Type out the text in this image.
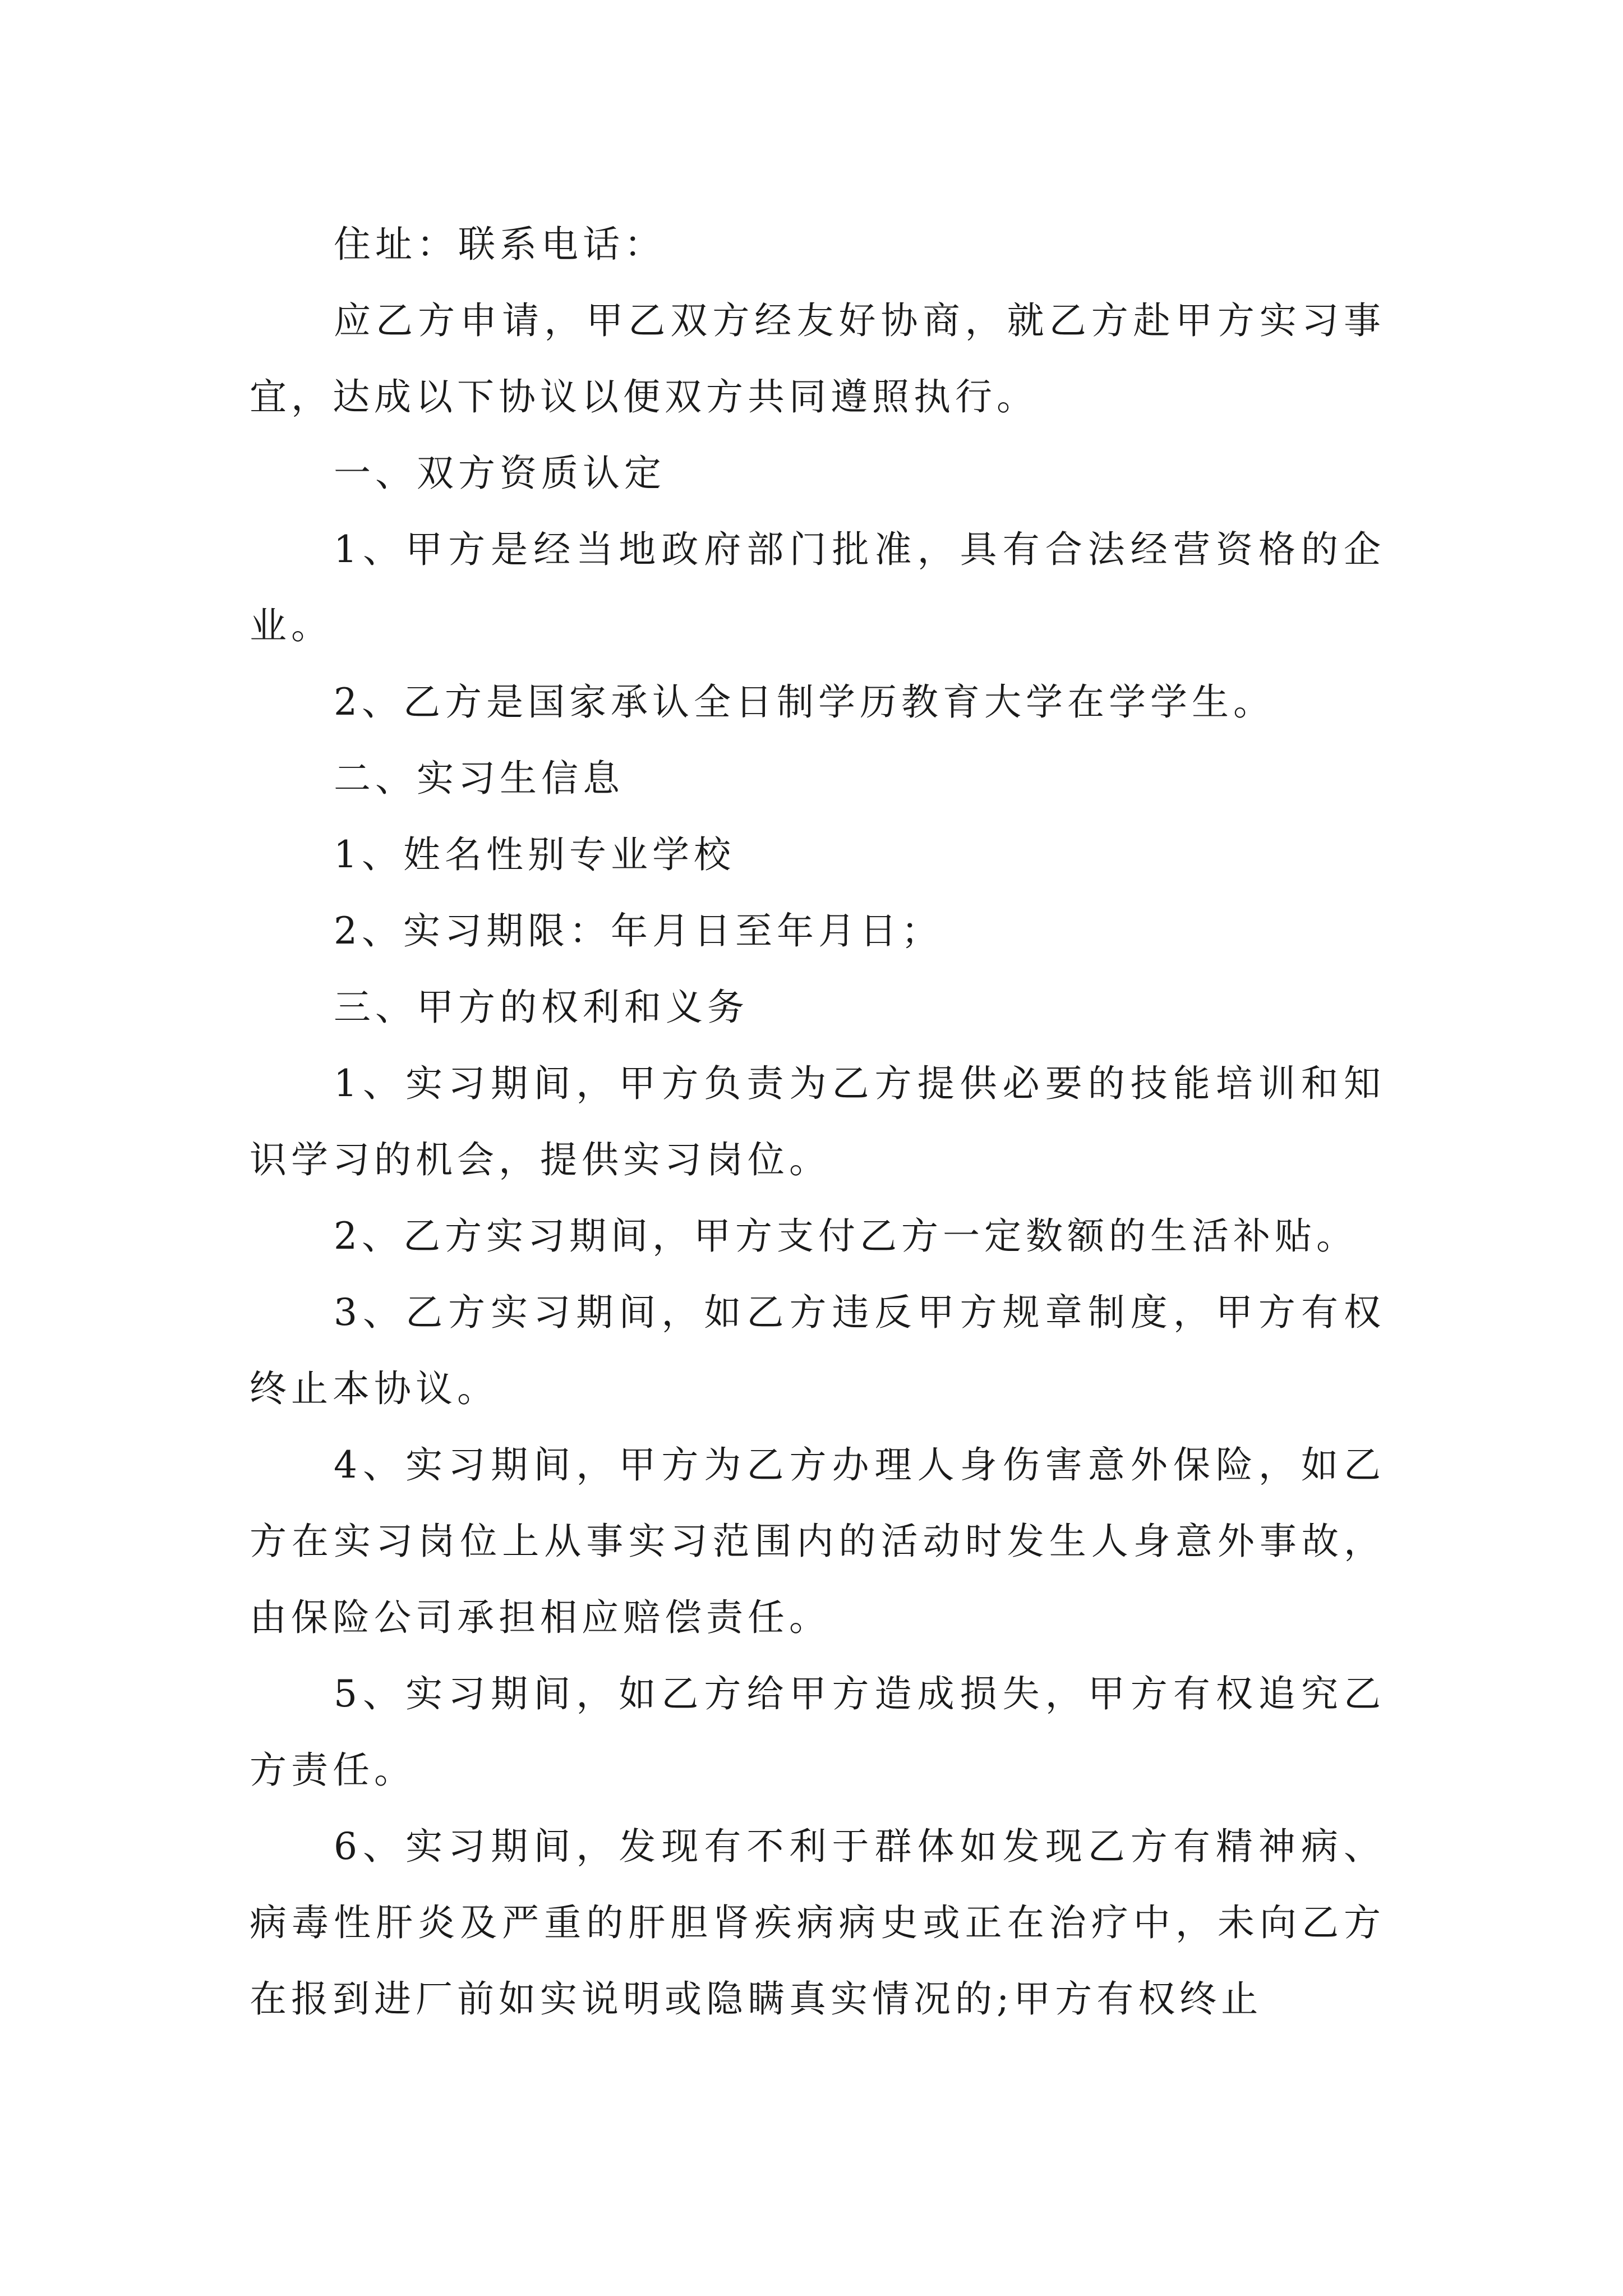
住址：联系电话：

应乙方申请，甲乙双方经友好协商，就乙方赴甲方实习事宜，达成以下协议以便双方共同遵照执行。

一、双方资质认定

1、甲方是经当地政府部门批准，具有合法经营资格的企业。

2、乙方是国家承认全日制学历教育大学在学学生。

二、实习生信息

1、姓名性别专业学校

2、实习期限：年月日至年月日；

三、甲方的权利和义务

1、实习期间，甲方负责为乙方提供必要的技能培训和知识学习的机会，提供实习岗位。

2、乙方实习期间，甲方支付乙方一定数额的生活补贴。

3、乙方实习期间，如乙方违反甲方规章制度，甲方有权终止本协议。

4、实习期间，甲方为乙方办理人身伤害意外保险，如乙方在实习岗位上从事实习范围内的活动时发生人身意外事故，由保险公司承担相应赔偿责任。

5、实习期间，如乙方给甲方造成损失，甲方有权追究乙方责任。

6、实习期间，发现有不利于群体如发现乙方有精神病、病毒性肝炎及严重的肝胆肾疾病病史或正在治疗中，未向乙方在报到进厂前如实说明或隐瞒真实情况的;甲方有权终止
